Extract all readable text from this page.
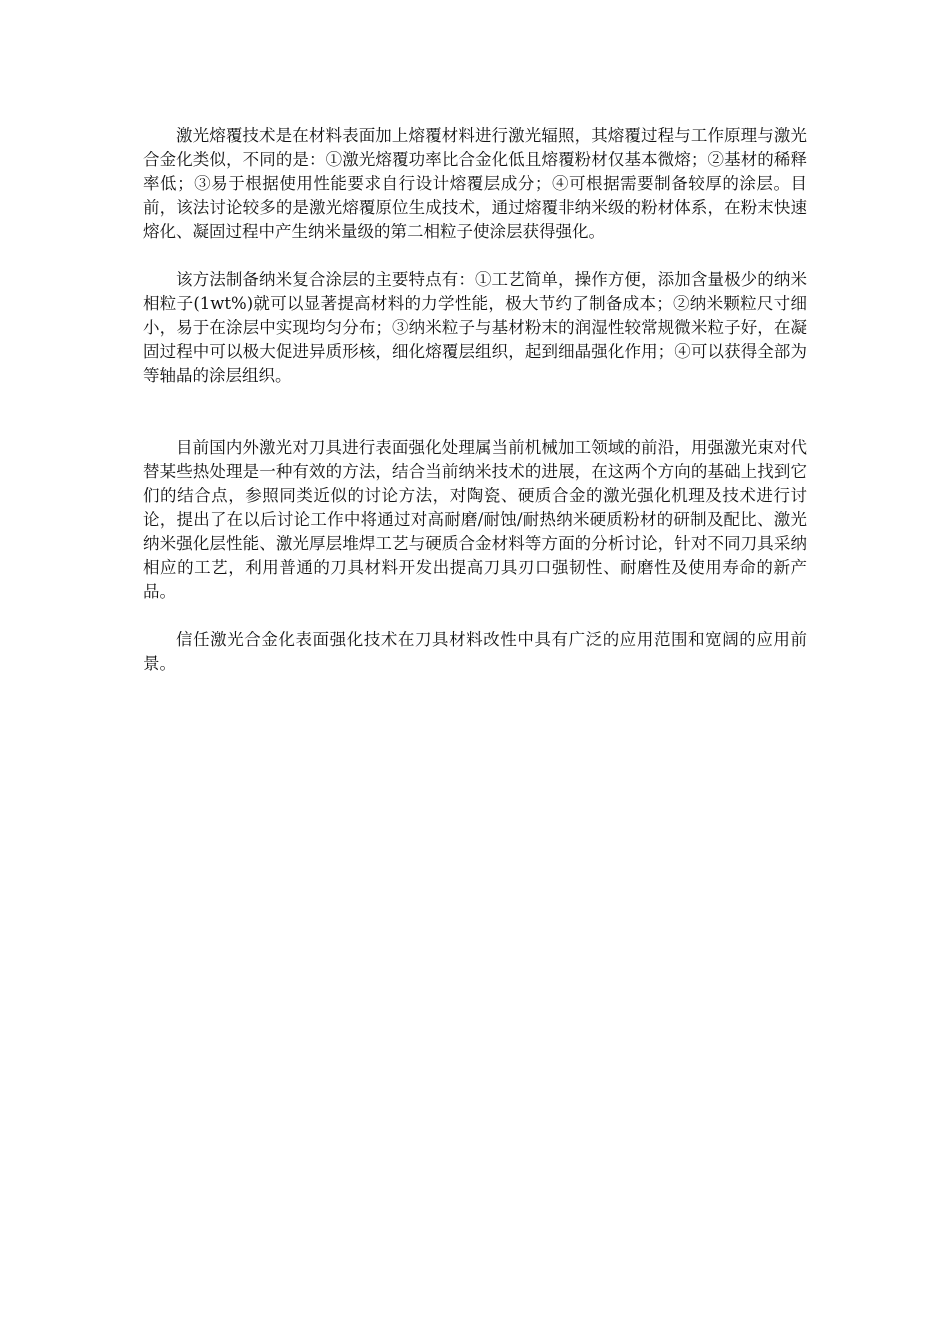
激光熔覆技术是在材料表面加上熔覆材料进行激光辐照，其熔覆过程与工作原理与激光合金化类似，不同的是：①激光熔覆功率比合金化低且熔覆粉材仅基本微熔；②基材的稀释率低；③易于根据使用性能要求自行设计熔覆层成分；④可根据需要制备较厚的涂层。目前，该法讨论较多的是激光熔覆原位生成技术，通过熔覆非纳米级的粉材体系，在粉末快速熔化、凝固过程中产生纳米量级的第二相粒子使涂层获得强化。

该方法制备纳米复合涂层的主要特点有：①工艺简单，操作方便，添加含量极少的纳米相粒子(1wt%)就可以显著提高材料的力学性能，极大节约了制备成本；②纳米颗粒尺寸细小，易于在涂层中实现均匀分布；③纳米粒子与基材粉末的润湿性较常规微米粒子好，在凝固过程中可以极大促进异质形核，细化熔覆层组织，起到细晶强化作用；④可以获得全部为等轴晶的涂层组织。

目前国内外激光对刀具进行表面强化处理属当前机械加工领域的前沿，用强激光束对代替某些热处理是一种有效的方法，结合当前纳米技术的进展，在这两个方向的基础上找到它们的结合点，参照同类近似的讨论方法，对陶瓷、硬质合金的激光强化机理及技术进行讨论，提出了在以后讨论工作中将通过对高耐磨/耐蚀/耐热纳米硬质粉材的研制及配比、激光纳米强化层性能、激光厚层堆焊工艺与硬质合金材料等方面的分析讨论，针对不同刀具采纳相应的工艺，利用普通的刀具材料开发出提高刀具刃口强韧性、耐磨性及使用寿命的新产品。

信任激光合金化表面强化技术在刀具材料改性中具有广泛的应用范围和宽阔的应用前景。
